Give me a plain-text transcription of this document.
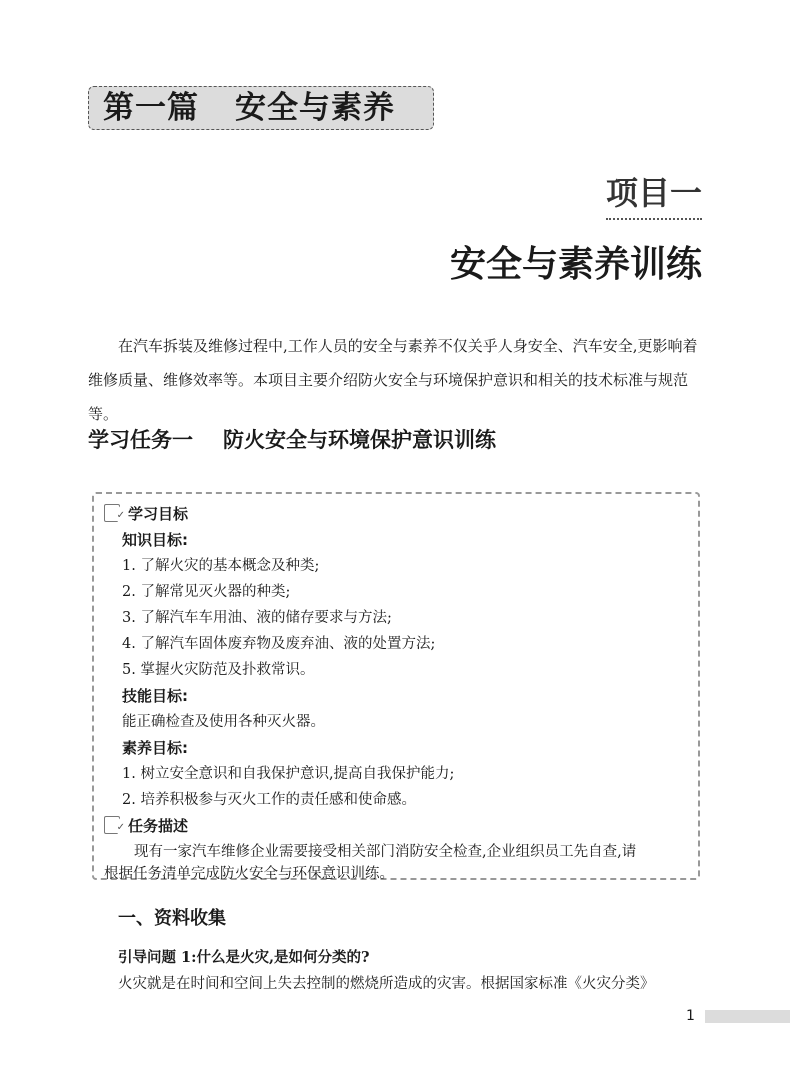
第一篇 安全与素养
项目一
安全与素养训练
在汽车拆装及维修过程中,工作人员的安全与素养不仅关乎人身安全、汽车安全,更影响着维修质量、维修效率等。本项目主要介绍防火安全与环境保护意识和相关的技术标准与规范等。
学习任务一 防火安全与环境保护意识训练
✓学习目标
知识目标:
1. 了解火灾的基本概念及种类;
2. 了解常见灭火器的种类;
3. 了解汽车车用油、液的储存要求与方法;
4. 了解汽车固体废弃物及废弃油、液的处置方法;
5. 掌握火灾防范及扑救常识。
技能目标:
能正确检查及使用各种灭火器。
素养目标:
1. 树立安全意识和自我保护意识,提高自我保护能力;
2. 培养积极参与灭火工作的责任感和使命感。
✓任务描述
现有一家汽车维修企业需要接受相关部门消防安全检查,企业组织员工先自查,请
根据任务清单完成防火安全与环保意识训练。
一、资料收集
引导问题 1:什么是火灾,是如何分类的?
火灾就是在时间和空间上失去控制的燃烧所造成的灾害。根据国家标准《火灾分类》
1
